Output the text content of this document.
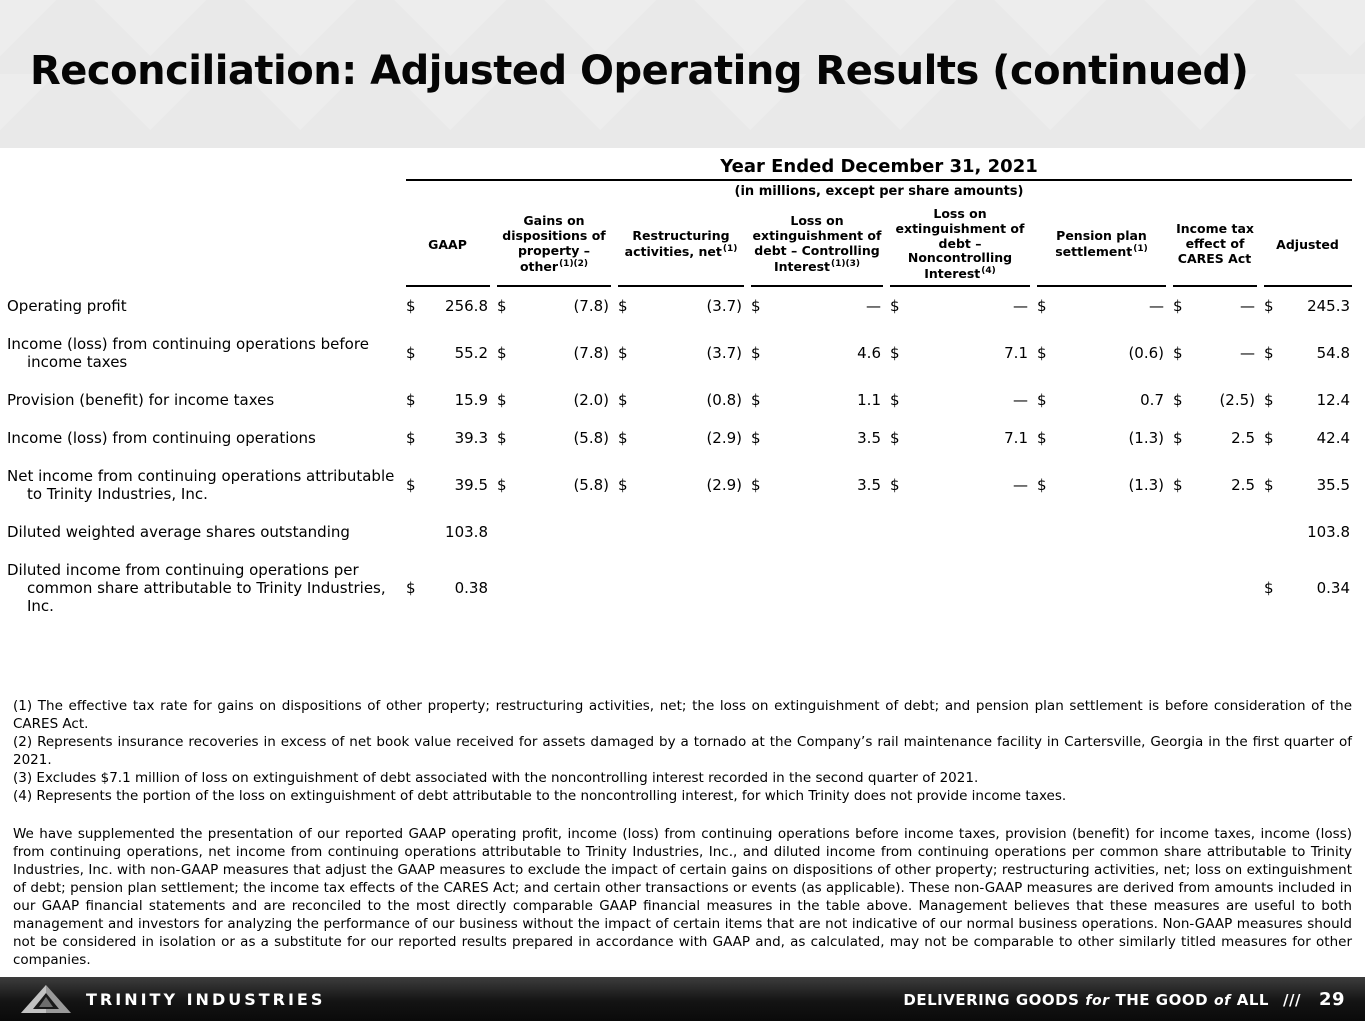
Reconciliation: Adjusted Operating Results (continued)
	Year Ended December 31, 2021							
	(in millions, except per share amounts)							
	GAAP	Gains on dispositions of property – other$^{(1)(2)}$	Restructuring activities, net$^{(1)}$	Loss on extinguishment of debt – Controlling Interest$^{(1)(3)}$	Loss on extinguishment of debt – Noncontrolling Interest$^{(4)}$	Pension plan settlement$^{(1)}$	Income tax effect of CARES Act	Adjusted
Operating profit	$ 256.8	$ (7.8)	$ (3.7)	$ —	$ —	$ —	$ —	$ 245.3

Income (loss) from continuing operations before income taxes	$ 55.2	$ (7.8)	$ (3.7)	$ 4.6	$ 7.1	$ (0.6)	$ —	$ 54.8

Provision (benefit) for income taxes	$ 15.9	$ (2.0)	$ (0.8)	$ 1.1	$ —	$ 0.7	$ (2.5)	$ 12.4

Income (loss) from continuing operations	$ 39.3	$ (5.8)	$ (2.9)	$ 3.5	$ 7.1	$ (1.3)	$ 2.5	$ 42.4

Net income from continuing operations attributable to Trinity Industries, Inc.	$ 39.5	$ (5.8)	$ (2.9)	$ 3.5	$ —	$ (1.3)	$ 2.5	$ 35.5

Diluted weighted average shares outstanding	103.8							103.8

Diluted income from continuing operations per common share attributable to Trinity Industries, Inc.	$ 0.38							$ 0.34
(1) The effective tax rate for gains on dispositions of other property; restructuring activities, net; the loss on extinguishment of debt; and pension plan settlement is before consideration of the CARES Act.
(2) Represents insurance recoveries in excess of net book value received for assets damaged by a tornado at the Company’s rail maintenance facility in Cartersville, Georgia in the first quarter of 2021.
(3) Excludes $7.1 million of loss on extinguishment of debt associated with the noncontrolling interest recorded in the second quarter of 2021.
(4) Represents the portion of the loss on extinguishment of debt attributable to the noncontrolling interest, for which Trinity does not provide income taxes.
We have supplemented the presentation of our reported GAAP operating profit, income (loss) from continuing operations before income taxes, provision (benefit) for income taxes, income (loss) from continuing operations, net income from continuing operations attributable to Trinity Industries, Inc., and diluted income from continuing operations per common share attributable to Trinity Industries, Inc. with non-GAAP measures that adjust the GAAP measures to exclude the impact of certain gains on dispositions of other property; restructuring activities, net; loss on extinguishment of debt; pension plan settlement; the income tax effects of the CARES Act; and certain other transactions or events (as applicable). These non-GAAP measures are derived from amounts included in our GAAP financial statements and are reconciled to the most directly comparable GAAP financial measures in the table above. Management believes that these measures are useful to both management and investors for analyzing the performance of our business without the impact of certain items that are not indicative of our normal business operations. Non-GAAP measures should not be considered in isolation or as a substitute for our reported results prepared in accordance with GAAP and, as calculated, may not be comparable to other similarly titled measures for other companies.
TRINITY INDUSTRIES	DELIVERING GOODS for THE GOOD of ALL /// 29
